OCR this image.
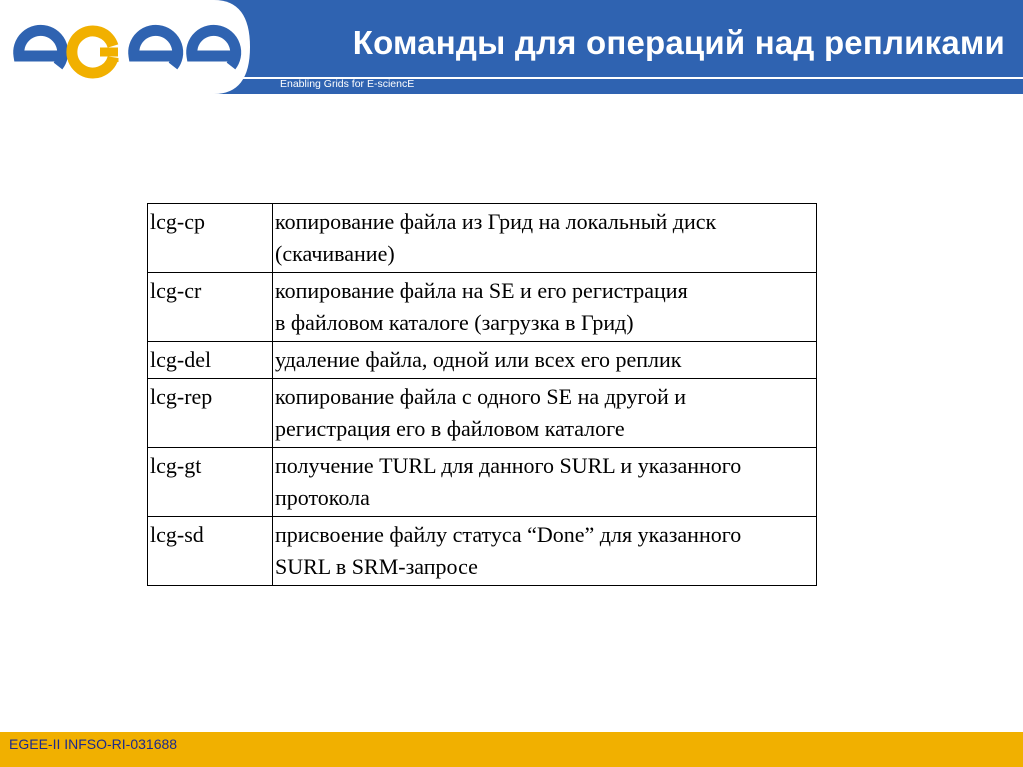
Команды для операций над репликами
Enabling Grids for E-sciencE
lcg-cp	копирование файла из Грид на локальный диск
(скачивание)

lcg-cr	копирование файла на SE и его регистрация
в файловом каталоге (загрузка в Грид)

lcg-del	удаление файла, одной или всех его реплик

lcg-rep	копирование файла с одного SE на другой и
регистрация его в файловом каталоге

lcg-gt	получение TURL для данного SURL и указанного
протокола

lcg-sd	присвоение файлу статуса “Done” для указанного
SURL в SRM-запросе
EGEE-II INFSO-RI-031688
